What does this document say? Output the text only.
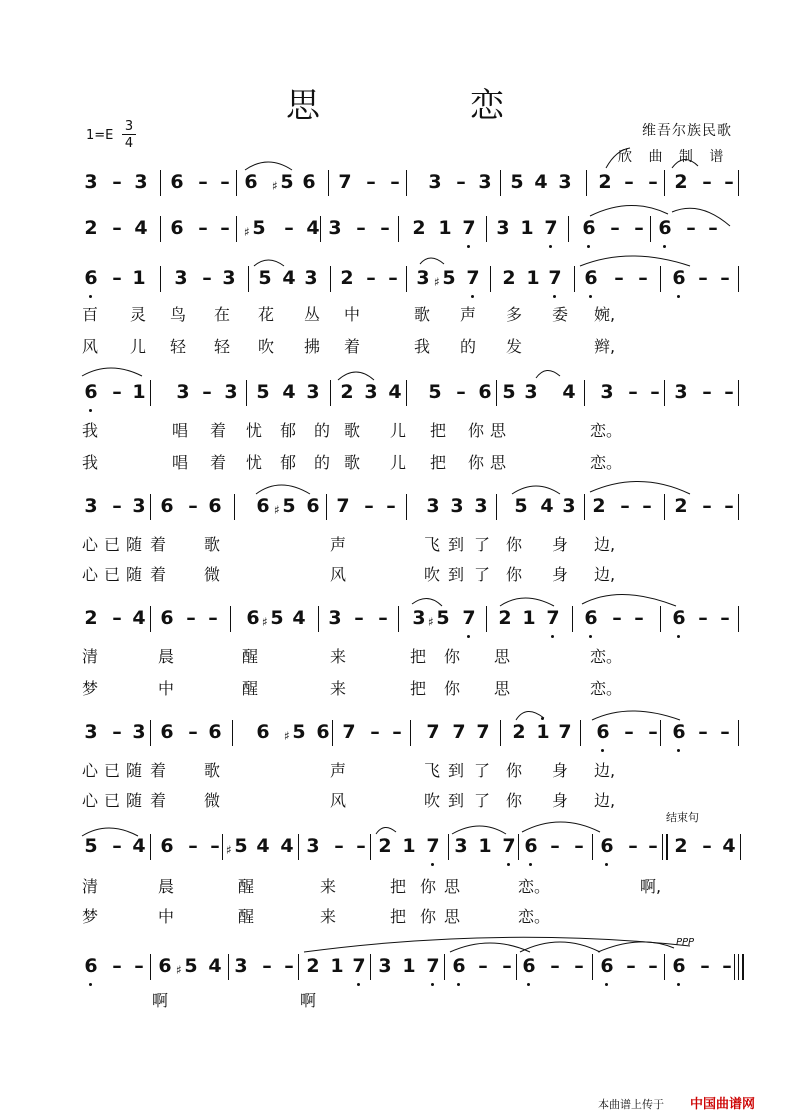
思　恋
1=E
3
4
维吾尔族民歌
欣 曲 制 谱
结束句
PPP
3 – 3 6 – – 6 5
♯ 6 7 – – 3 – 3 5 4 3 2 – – 2 – –
2 – 4 6 – – 5
♯ – 4 3 – – 2 1 7 3 1 7 6 – – 6 – –
6 – 1 3 – 3 5 4 3 2 – – 3 5
♯ 7 2 1 7 6 – – 6 – –
百 灵 鸟 在 花 丛 中	歌 声 多 委 婉,
风 儿 轻 轻 吹 拂 着	我 的 发	辫,
6 – 1 3 – 3 5 4 3 2 3 4 5 – 6 5 3 4 3 – – 3 – –
我	唱 着 忧 郁 的 歌 儿 把 你 思	恋。
我	唱 着 忧 郁 的 歌 儿 把 你 思	恋。
3 – 3 6 – 6 6 5
♯ 6 7 – – 3 3 3 5 4 3 2 – – 2 – –
心 已 随 着 歌	声	飞 到 了 你 身 边,
心 已 随 着 微	风	吹 到 了 你 身 边,
2 – 4 6 – – 6 5
♯ 4 3 – – 3 5
♯ 7 2 1 7 6 – – 6 – –
清	晨	醒	来	把 你 思	恋。
梦	中	醒	来	把 你 思	恋。
3 – 3 6 – 6 6 5
♯ 6 7 – – 7 7 7 2 1 7 6 – – 6 – –
心 已 随 着 歌	声	飞 到 了 你 身 边,
心 已 随 着 微	风	吹 到 了 你 身 边,
5 – 4 6 – – 5
♯ 4 4 3 – – 2 1 7 3 1 7 6 – – 6 – – 2 – 4
清	晨	醒	来	把 你 思	恋。	啊,
梦	中	醒	来	把 你 思	恋。
6 – – 6 5
♯ 4 3 – – 2 1 7 3 1 7 6 – – 6 – – 6 – – 6 – –
啊	啊
本曲谱上传于 中国曲谱网
